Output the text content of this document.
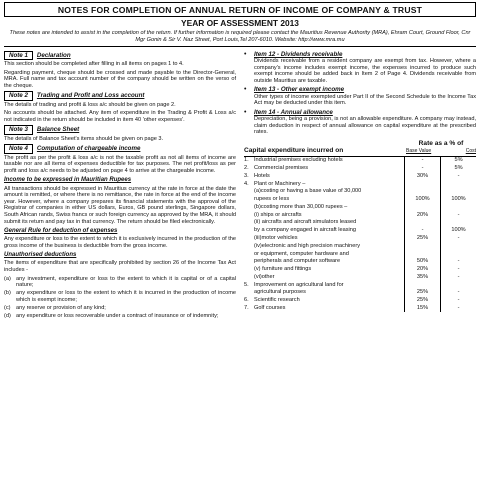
NOTES FOR COMPLETION OF ANNUAL RETURN OF INCOME OF COMPANY & TRUST
YEAR OF ASSESSMENT 2013
These notes are intended to assist in the completion of the return. If further information is required please contact the Mauritius Revenue Authority (MRA), Ehram Court, Ground Floor, Cnr Mgr Gonin & Sir V. Naz Street, Port Louis,Tel 207-6010. Website: http://www.mra.mu
Note 1	Declaration

This section should be completed after filling in all items on pages 1 to 4.

Regarding payment, cheque should be crossed and made payable to the Director-General, MRA. Full name and tax account number of the company should be written on the verso of the cheque.

Note 2	Trading and Profit and Loss account

The details of trading and profit & loss a/c should be given on page 2.

No accounts should be attached. Any item of expenditure in the Trading & Profit & Loss a/c not indicated in the return should be included in item 40 'other expenses'.

Note 3	Balance Sheet

The details of Balance Sheet's items should be given on page 3.

Note 4	Computation of chargeable income

The profit as per the profit & loss a/c is not the taxable profit as not all items of income are taxable nor are all items of expenses deductible for tax purposes. The net profit/loss as per profit and loss a/c needs to be adjusted on page 4 to arrive at the chargeable income.

Income to be expressed in Mauritian Rupees

All transactions should be expressed in Mauritius currency at the rate in force at the date the amount is remitted, or where there is no remittance, the rate in force at the end of the income year. However, where a company prepares its financial statements with the approval of the Registrar of companies in either US dollars, Euros, GB pound sterlings, Singapore dollars, South African rands, Swiss francs or such foreign currency as approved by the MRA, it should submit its return and pay tax in that currency. The return should be filed electronically.

General Rule for deduction of expenses

Any expenditure or loss to the extent to which it is exclusively incurred in the production of the gross income of the business is deductible from the gross income.

Unauthorised deductions

The items of expenditure that are specifically prohibited by section 26 of the Income Tax Act includes -

(a) any investment, expenditure or loss to the extent to which it is capital or of a capital nature;
(b) any expenditure or loss to the extent to which it is incurred in the production of income which is exempt income;
(c) any reserve or provision of any kind;
(d) any expenditure or loss recoverable under a contract of insurance or of indemnity;
•	Item 12 - Dividends receivable

Dividends receivable from a resident company are exempt from tax. However, where a company's income includes exempt income, the expenses incurred to produce such exempt income should be added back in Item 2 of Page 4. Dividends receivable from outside Mauritius are taxable.

•	Item 13 - Other exempt income

Other types of income exempted under Part II of the Second Schedule to the Income Tax Act may be deducted under this item.

•	Item 14 - Annual allowance

Depreciation, being a provision, is not an allowable expenditure. A company may instead, claim deduction in respect of annual allowance on capital expenditure at the prescribed rates.

Capital expenditure incurred on
Rate as a % of
Base Value	Cost
1.	Industrial premises excluding hotels	-	5%
2.	Commercial premises	-	5%
3.	Hotels	30%	-
4.	Plant or Machinery –		
	(a)costing or having a base value of 30,000		
	rupees or less	100%	100%
	(b)costing more than 30,000 rupees –		
	(i) ships or aircrafts	20%	-
	(ii) aircrafts and aircraft simulators leased		
	by a company engaged in aircraft leasing	-	100%
	(iii)motor vehicles	25%	-
	(iv)electronic and high precision machinery		
	or equipment, computer hardware and		
	peripherals and computer software	50%	-
	(v) furniture and fittings	20%	-
	(vi)other	35%	-
5.	Improvement on agricultural land for		
	agricultural purposes	25%	-
6.	Scientific research	25%	-
7.	Golf courses	15%	-
